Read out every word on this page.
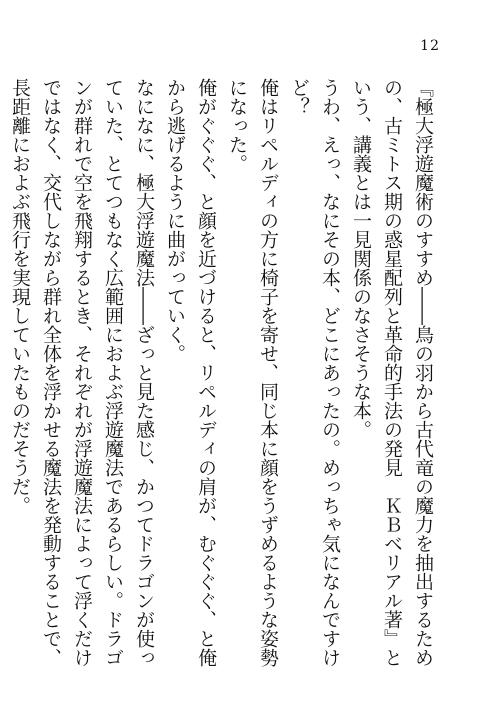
12

『極大浮遊魔術のすすめ――鳥の羽から古代竜の魔力を抽出するための、古ミトス期の惑星配列と革命的手法の発見　ＫＢベリアル著』という、講義とは一見関係のなさそうな本。

うわ、えっ、なにその本、どこにあったの。めっちゃ気になんですけど？

俺はリペルディの方に椅子を寄せ、同じ本に顔をうずめるような姿勢になった。

俺がぐぐぐ、と顔を近づけると、リペルディの肩が、むぐぐぐ、と俺から逃げるように曲がっていく。

なになに、極大浮遊魔法――ざっと見た感じ、かつてドラゴンが使っていた、とてつもなく広範囲におよぶ浮遊魔法であるらしい。ドラゴンが群れで空を飛翔するとき、それぞれが浮遊魔法によって浮くだけではなく、交代しながら群れ全体を浮かせる魔法を発動することで、長距離におよぶ飛行を実現していたものだそうだ。
